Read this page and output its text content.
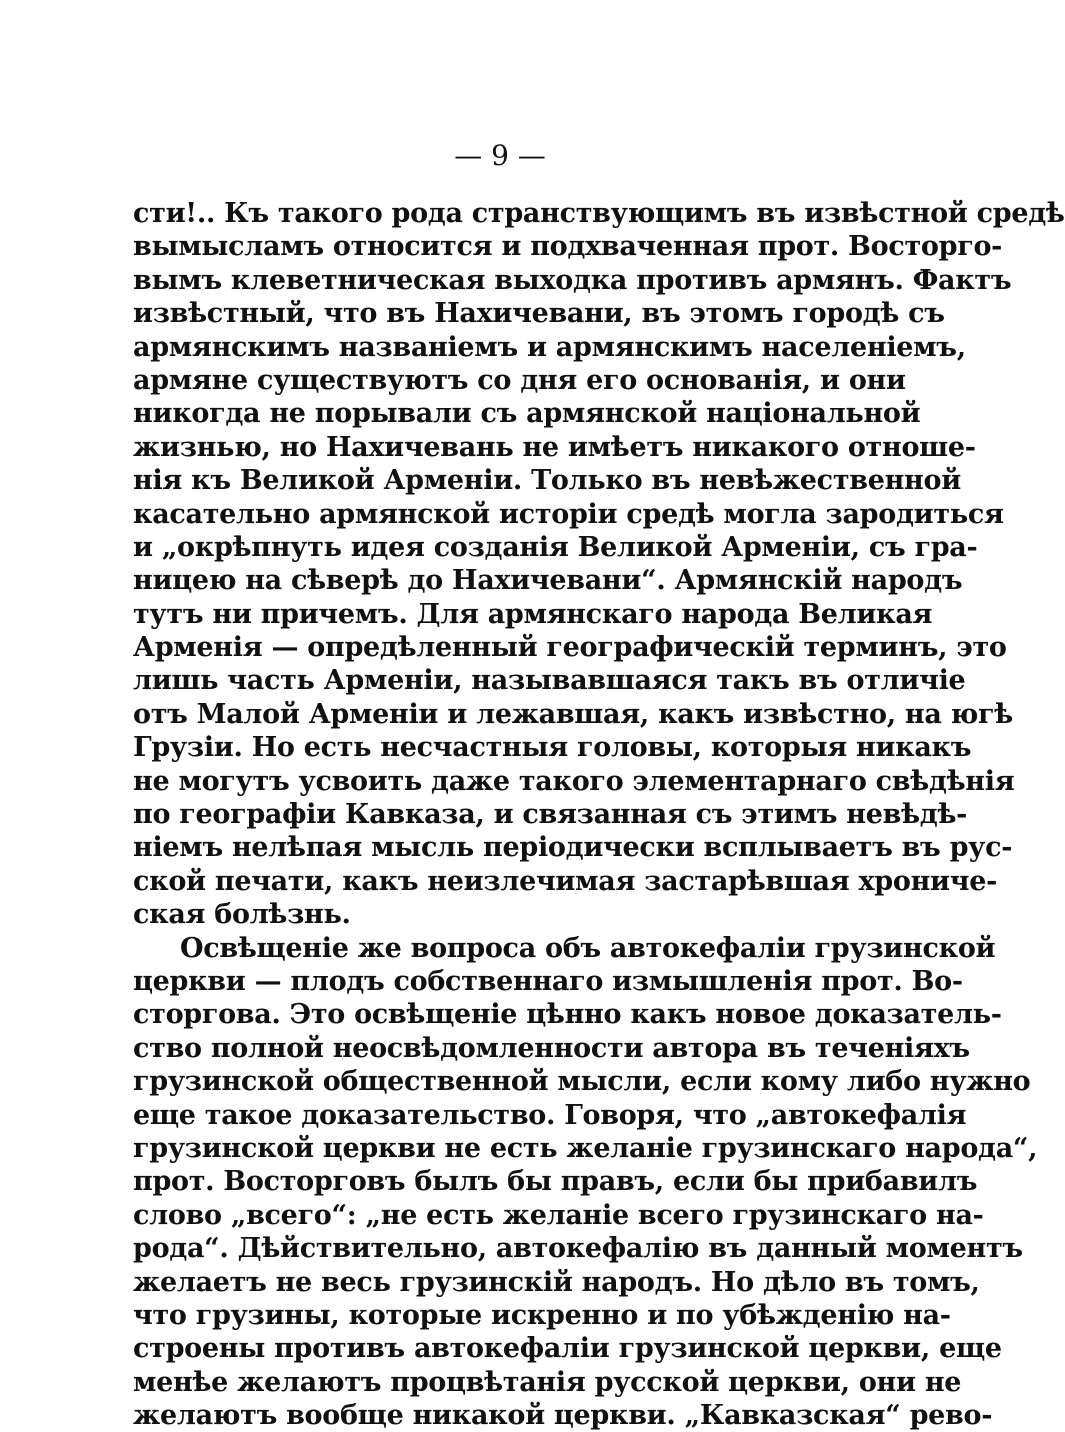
— 9 —
сти!.. Къ такого рода странствующимъ въ извѣстной средѣ
вымысламъ относится и подхваченная прот. Восторго-
вымъ клеветническая выходка противъ армянъ. Фактъ
извѣстный, что въ Нахичевани, въ этомъ городѣ съ
армянскимъ названіемъ и армянскимъ населеніемъ,
армяне существуютъ со дня его основанія, и они
никогда не порывали съ армянской національной
жизнью, но Нахичевань не имѣетъ никакого отноше-
нія къ Великой Арменіи. Только въ невѣжественной
касательно армянской исторіи средѣ могла зародиться
и „окрѣпнуть идея созданія Великой Арменіи, съ гра-
ницею на сѣверѣ до Нахичевани“. Армянскій народъ
тутъ ни причемъ. Для армянскаго народа Великая
Арменія — опредѣленный географическій терминъ, это
лишь часть Арменіи, называвшаяся такъ въ отличіе
отъ Малой Арменіи и лежавшая, какъ извѣстно, на югѣ
Грузіи. Но есть несчастныя головы, которыя никакъ
не могутъ усвоить даже такого элементарнаго свѣдѣнія
по географіи Кавказа, и связанная съ этимъ невѣдѣ-
ніемъ нелѣпая мысль періодически всплываетъ въ рус-
ской печати, какъ неизлечимая застарѣвшая хрониче-
ская болѣзнь.
Освѣщеніе же вопроса объ автокефаліи грузинской
церкви — плодъ собственнаго измышленія прот. Во-
сторгова. Это освѣщеніе цѣнно какъ новое доказатель-
ство полной неосвѣдомленности автора въ теченіяхъ
грузинской общественной мысли, если кому либо нужно
еще такое доказательство. Говоря, что „автокефалія
грузинской церкви не есть желаніе грузинскаго народа“,
прот. Восторговъ былъ бы правъ, если бы прибавилъ
слово „всего“: „не есть желаніе всего грузинскаго на-
рода“. Дѣйствительно, автокефалію въ данный моментъ
желаетъ не весь грузинскій народъ. Но дѣло въ томъ,
что грузины, которые искренно и по убѣжденію на-
строены противъ автокефаліи грузинской церкви, еще
менѣе желаютъ процвѣтанія русской церкви, они не
желаютъ вообще никакой церкви. „Кавказская“ рево-
